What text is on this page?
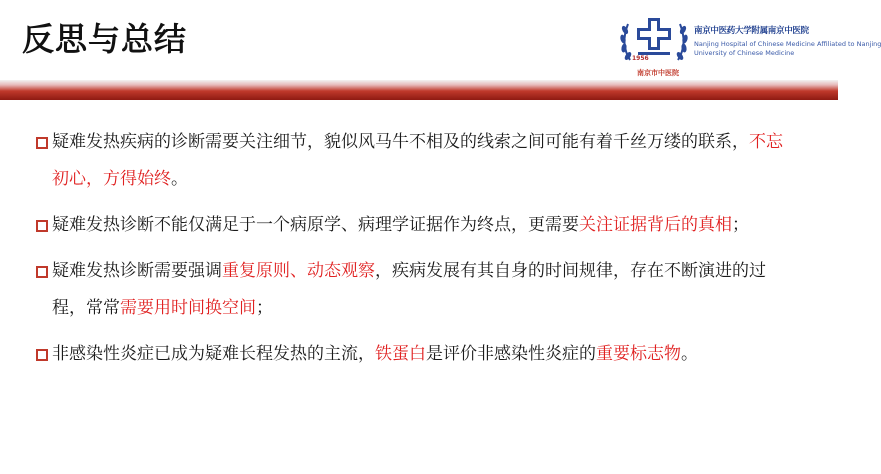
反思与总结
1956
南京市中医院
南京中医药大学附属南京中医院
Nanjing Hospital of Chinese Medicine Affiliated to Nanjing
University of Chinese Medicine
疑难发热疾病的诊断需要关注细节，貌似风马牛不相及的线索之间可能有着千丝万缕的联系，不忘初心，方得始终。
疑难发热诊断不能仅满足于一个病原学、病理学证据作为终点，更需要关注证据背后的真相；
疑难发热诊断需要强调重复原则、动态观察，疾病发展有其自身的时间规律，存在不断演进的过程，常常需要用时间换空间；
非感染性炎症已成为疑难长程发热的主流，铁蛋白是评价非感染性炎症的重要标志物。
